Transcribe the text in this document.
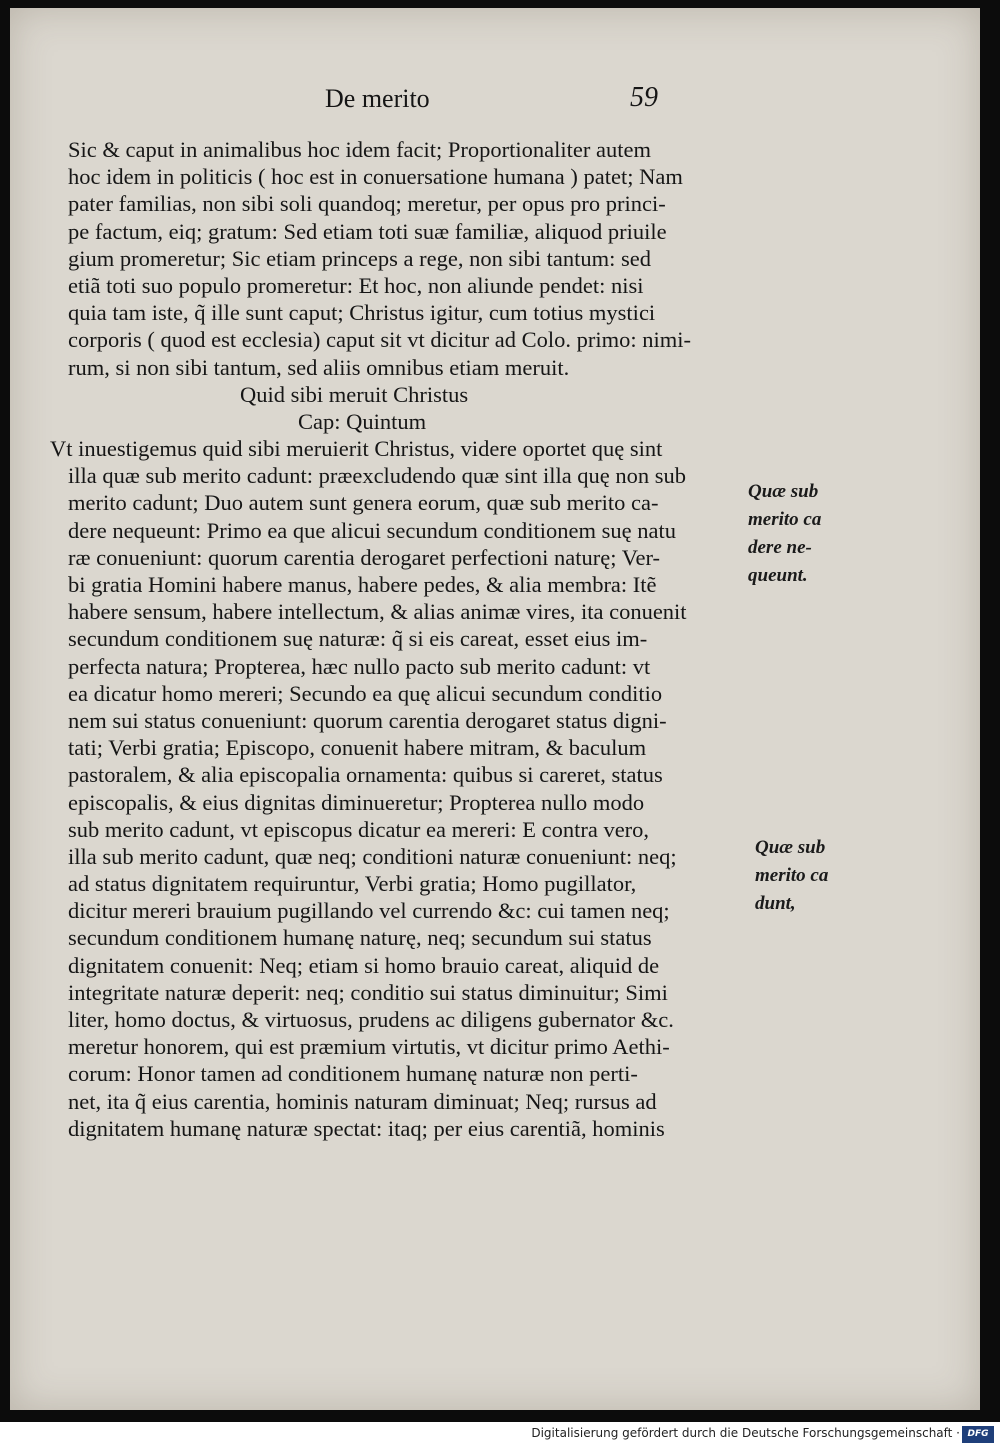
De merito	59
Sic & caput in animalibus hoc idem facit; Proportionaliter autem
hoc idem in politicis ( hoc est in conuersatione humana ) patet; Nam
pater familias, non sibi soli quandoq; meretur, per opus pro princi-
pe factum, eiq; gratum: Sed etiam toti suæ familiæ, aliquod priuile
gium promeretur; Sic etiam princeps a rege, non sibi tantum: sed
etiã toti suo populo promeretur: Et hoc, non aliunde pendet: nisi
quia tam iste, q̃ ille sunt caput; Christus igitur, cum totius mystici
corporis ( quod est ecclesia) caput sit vt dicitur ad Colo. primo: nimi-
rum, si non sibi tantum, sed aliis omnibus etiam meruit.
Quid sibi meruit Christus
Cap: Quintum
Vt inuestigemus quid sibi meruierit Christus, videre oportet quę sint
illa quæ sub merito cadunt: præexcludendo quæ sint illa quę non sub
merito cadunt; Duo autem sunt genera eorum, quæ sub merito ca-
dere nequeunt: Primo ea que alicui secundum conditionem suę natu
ræ conueniunt: quorum carentia derogaret perfectioni naturę; Ver-
bi gratia Homini habere manus, habere pedes, & alia membra: Itẽ
habere sensum, habere intellectum, & alias animæ vires, ita conuenit
secundum conditionem suę naturæ: q̃ si eis careat, esset eius im-
perfecta natura; Propterea, hæc nullo pacto sub merito cadunt: vt
ea dicatur homo mereri; Secundo ea quę alicui secundum conditio
nem sui status conueniunt: quorum carentia derogaret status digni-
tati; Verbi gratia; Episcopo, conuenit habere mitram, & baculum
pastoralem, & alia episcopalia ornamenta: quibus si careret, status
episcopalis, & eius dignitas diminueretur; Propterea nullo modo
sub merito cadunt, vt episcopus dicatur ea mereri: E contra vero,
illa sub merito cadunt, quæ neq; conditioni naturæ conueniunt: neq;
ad status dignitatem requiruntur, Verbi gratia; Homo pugillator,
dicitur mereri brauium pugillando vel currendo &c: cui tamen neq;
secundum conditionem humanę naturę, neq; secundum sui status
dignitatem conuenit: Neq; etiam si homo brauio careat, aliquid de
integritate naturæ deperit: neq; conditio sui status diminuitur; Simi
liter, homo doctus, & virtuosus, prudens ac diligens gubernator &c.
meretur honorem, qui est præmium virtutis, vt dicitur primo Aethi-
corum: Honor tamen ad conditionem humanę naturæ non perti-
net, ita q̃ eius carentia, hominis naturam diminuat; Neq; rursus ad
dignitatem humanę naturæ spectat: itaq; per eius carentiã, hominis
Quæ sub
merito ca
dere ne-
queunt.
Quæ sub
merito ca
dunt,
Digitalisierung gefördert durch die Deutsche Forschungsgemeinschaft · DFG
